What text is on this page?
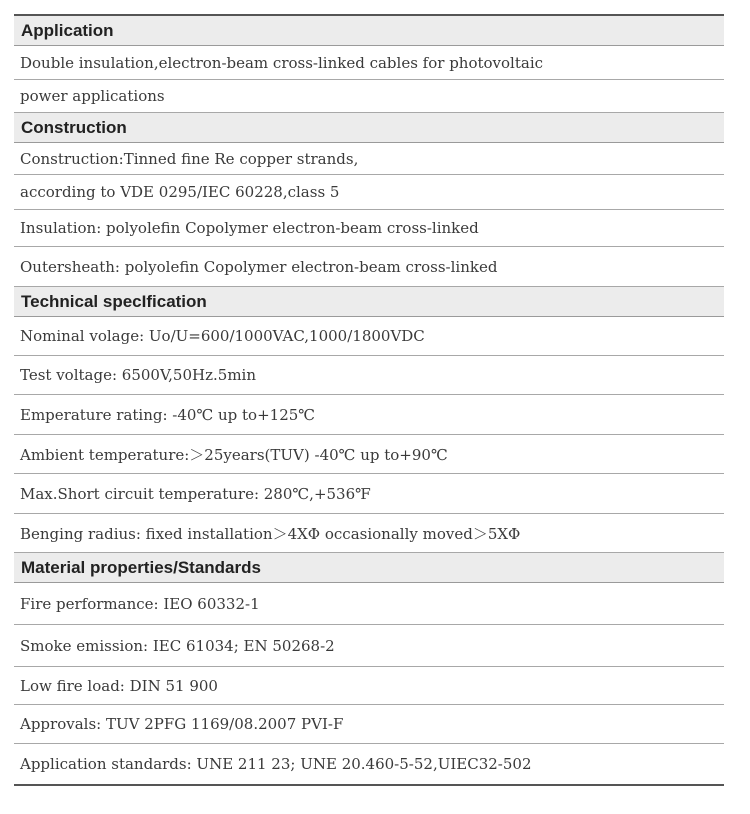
Application
Double insulation,electron-beam cross-linked cables for photovoltaic
power applications
Construction
Construction:Tinned fine Re copper strands,
according to VDE 0295/IEC 60228,class 5
Insulation: polyolefin Copolymer electron-beam cross-linked
Outersheath: polyolefin Copolymer electron-beam cross-linked
Technical specIfication
Nominal volage: Uo/U=600/1000VAC,1000/1800VDC
Test voltage: 6500V,50Hz.5min
Emperature rating: -40℃ up to+125℃
Ambient temperature:＞25years(TUV) -40℃ up to+90℃
Max.Short circuit temperature: 280℃,+536℉
Benging radius: fixed installation＞4XΦ occasionally moved＞5XΦ
Material properties/Standards
Fire performance: IEO 60332-1
Smoke emission: IEC 61034; EN 50268-2
Low fire load: DIN 51 900
Approvals: TUV 2PFG 1169/08.2007 PVI-F
Application standards: UNE 211 23; UNE 20.460-5-52,UIEC32-502
